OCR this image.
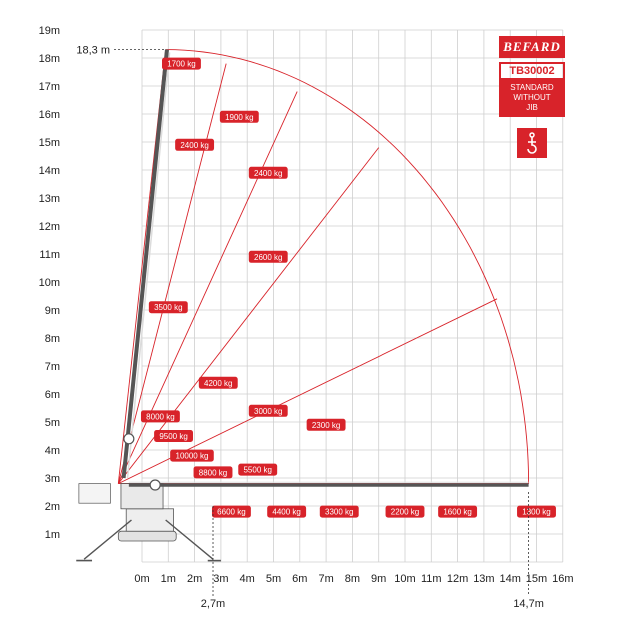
1700 kg
1900 kg
2400 kg
2400 kg
2600 kg
3500 kg
4200 kg
8000 kg
3000 kg
2300 kg
9500 kg
10000 kg
8800 kg 5500 kg
6600 kg	4400 kg	3300 kg	2200 kg	1600 kg	1300 kg
19m
18m
17m
16m
15m
14m
13m
12m
11m
10m
9m
8m
7m
6m
5m
4m
3m
2m
1m
0m 1m 2m 3m 4m 5m 6m 7m 8m 9m 10m 11m 12m 13m 14m 15m 16m
18,3 m
2,7m	14,7m
BEFARD
TB30002
STANDARD
WITHOUT
JIB
